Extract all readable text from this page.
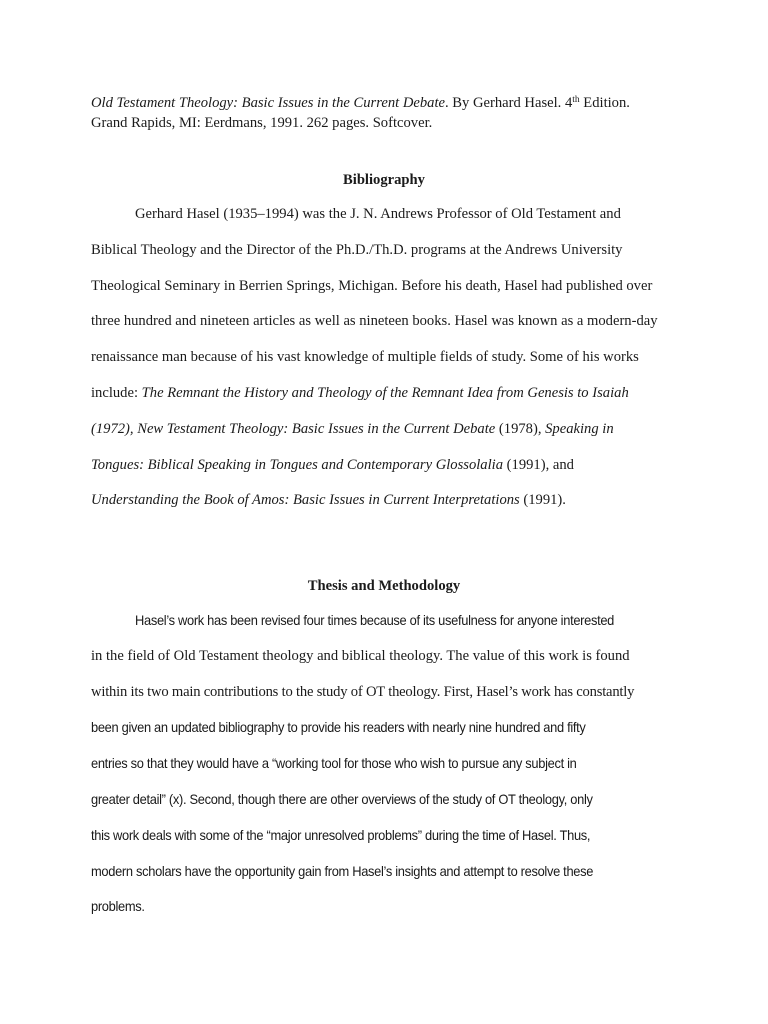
Old Testament Theology: Basic Issues in the Current Debate. By Gerhard Hasel. 4th Edition.
Grand Rapids, MI: Eerdmans, 1991. 262 pages. Softcover.
Bibliography
Gerhard Hasel (1935–1994) was the J. N. Andrews Professor of Old Testament and
Biblical Theology and the Director of the Ph.D./Th.D. programs at the Andrews University
Theological Seminary in Berrien Springs, Michigan. Before his death, Hasel had published over
three hundred and nineteen articles as well as nineteen books. Hasel was known as a modern-day
renaissance man because of his vast knowledge of multiple fields of study. Some of his works
include: The Remnant the History and Theology of the Remnant Idea from Genesis to Isaiah
(1972), New Testament Theology: Basic Issues in the Current Debate (1978), Speaking in
Tongues: Biblical Speaking in Tongues and Contemporary Glossolalia (1991), and
Understanding the Book of Amos: Basic Issues in Current Interpretations (1991).
Thesis and Methodology
Hasel’s work has been revised four times because of its usefulness for anyone interested
in the field of Old Testament theology and biblical theology. The value of this work is found
within its two main contributions to the study of OT theology. First, Hasel’s work has constantly
been given an updated bibliography to provide his readers with nearly nine hundred and fifty
entries so that they would have a “working tool for those who wish to pursue any subject in
greater detail” (x). Second, though there are other overviews of the study of OT theology, only
this work deals with some of the “major unresolved problems” during the time of Hasel. Thus,
modern scholars have the opportunity gain from Hasel’s insights and attempt to resolve these
problems.
